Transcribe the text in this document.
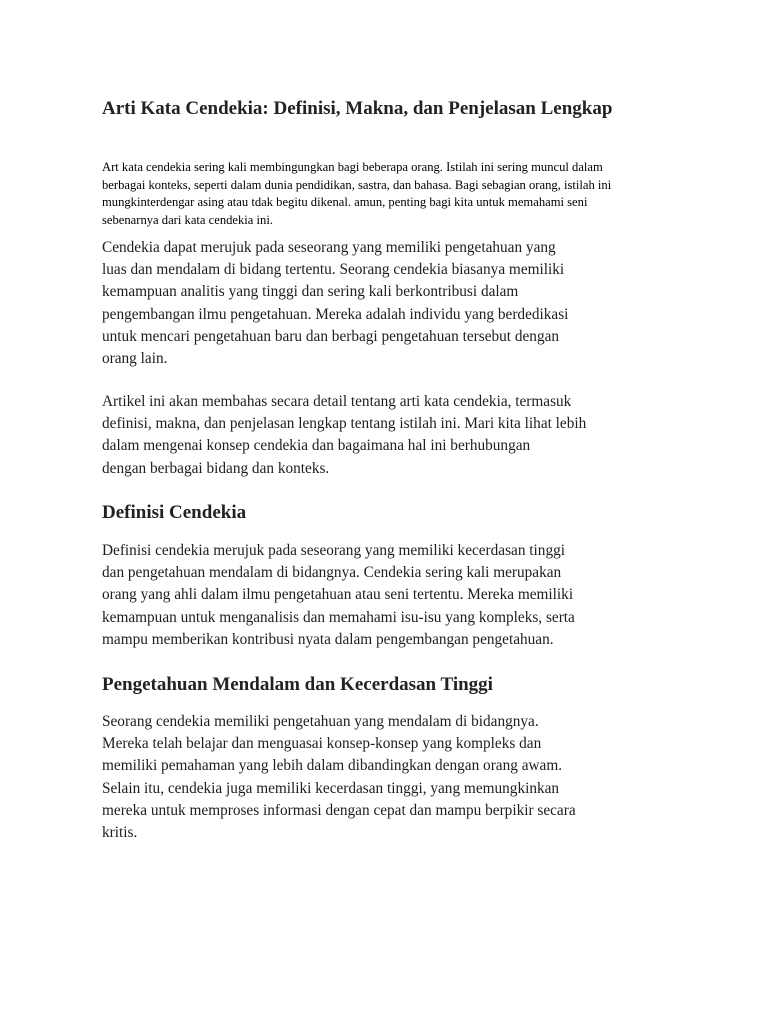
Arti Kata Cendekia: Definisi, Makna, dan Penjelasan Lengkap

Art kata cendekia sering kali membingungkan bagi beberapa orang. Istilah ini sering muncul dalam
berbagai konteks, seperti dalam dunia pendidikan, sastra, dan bahasa. Bagi sebagian orang, istilah ini
mungkinterdengar asing atau tdak begitu dikenal. amun, penting bagi kita untuk memahami seni
sebenarnya dari kata cendekia ini.

Cendekia dapat merujuk pada seseorang yang memiliki pengetahuan yang
luas dan mendalam di bidang tertentu. Seorang cendekia biasanya memiliki
kemampuan analitis yang tinggi dan sering kali berkontribusi dalam
pengembangan ilmu pengetahuan. Mereka adalah individu yang berdedikasi
untuk mencari pengetahuan baru dan berbagi pengetahuan tersebut dengan
orang lain.

Artikel ini akan membahas secara detail tentang arti kata cendekia, termasuk
definisi, makna, dan penjelasan lengkap tentang istilah ini. Mari kita lihat lebih
dalam mengenai konsep cendekia dan bagaimana hal ini berhubungan
dengan berbagai bidang dan konteks.

Definisi Cendekia

Definisi cendekia merujuk pada seseorang yang memiliki kecerdasan tinggi
dan pengetahuan mendalam di bidangnya. Cendekia sering kali merupakan
orang yang ahli dalam ilmu pengetahuan atau seni tertentu. Mereka memiliki
kemampuan untuk menganalisis dan memahami isu-isu yang kompleks, serta
mampu memberikan kontribusi nyata dalam pengembangan pengetahuan.

Pengetahuan Mendalam dan Kecerdasan Tinggi

Seorang cendekia memiliki pengetahuan yang mendalam di bidangnya.
Mereka telah belajar dan menguasai konsep-konsep yang kompleks dan
memiliki pemahaman yang lebih dalam dibandingkan dengan orang awam.
Selain itu, cendekia juga memiliki kecerdasan tinggi, yang memungkinkan
mereka untuk memproses informasi dengan cepat dan mampu berpikir secara
kritis.
